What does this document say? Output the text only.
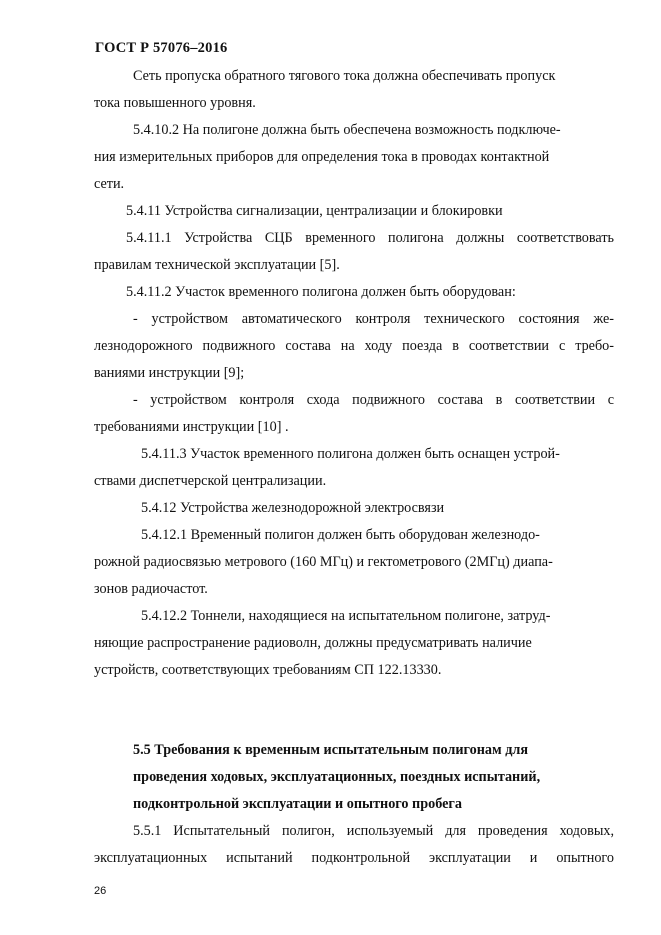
ГОСТ Р 57076–2016
Сеть пропуска обратного тягового тока должна обеспечивать пропуск
тока повышенного уровня.
5.4.10.2 На полигоне должна быть обеспечена возможность подключе-
ния измерительных приборов для определения тока в проводах контактной
сети.
5.4.11 Устройства сигнализации, централизации и блокировки
5.4.11.1 Устройства СЦБ временного полигона должны соответствовать
правилам технической эксплуатации [5].
5.4.11.2 Участок временного полигона должен быть оборудован:
- устройством автоматического контроля технического состояния же-
лезнодорожного подвижного состава на ходу поезда в соответствии с требо-
ваниями инструкции [9];
- устройством контроля схода подвижного состава в соответствии с
требованиями инструкции [10] .
5.4.11.3 Участок временного полигона должен быть оснащен устрой-
ствами диспетчерской централизации.
5.4.12 Устройства железнодорожной электросвязи
5.4.12.1 Временный полигон должен быть оборудован железнодо-
рожной радиосвязью метрового (160 МГц) и гектометрового (2МГц) диапа-
зонов радиочастот.
5.4.12.2 Тоннели, находящиеся на испытательном полигоне, затруд-
няющие распространение радиоволн, должны предусматривать наличие
устройств, соответствующих требованиям СП 122.13330.
5.5 Требования к временным испытательным полигонам для
проведения ходовых, эксплуатационных, поездных испытаний,
подконтрольной эксплуатации и опытного пробега
5.5.1 Испытательный полигон, используемый для проведения ходовых,
эксплуатационных испытаний подконтрольной эксплуатации и опытного
26
